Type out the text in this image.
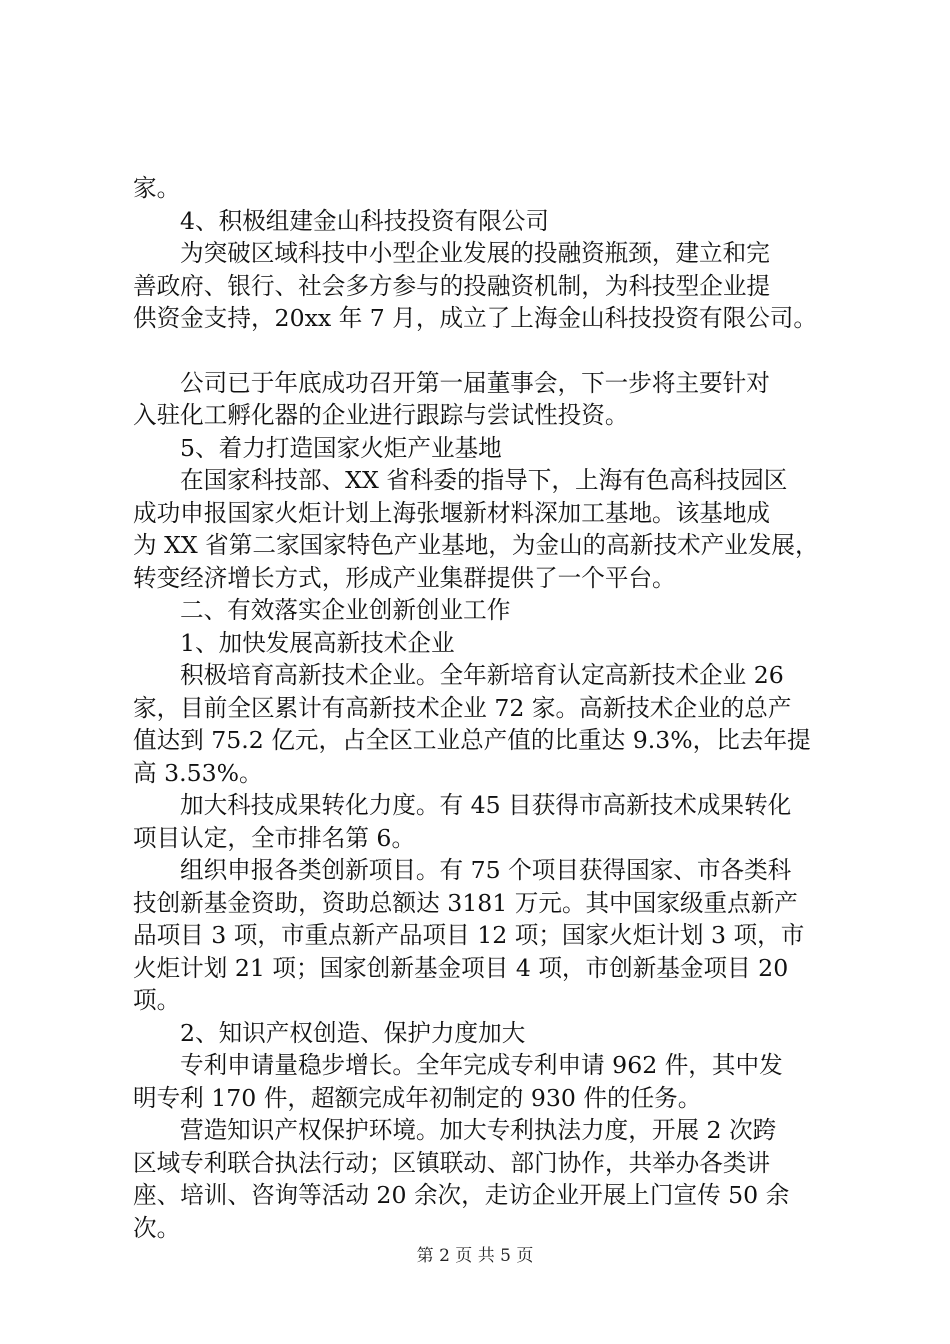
家。

4、积极组建金山科技投资有限公司

为突破区域科技中小型企业发展的投融资瓶颈，建立和完

善政府、银行、社会多方参与的投融资机制，为科技型企业提

供资金支持，20xx 年 7 月，成立了上海金山科技投资有限公司。

公司已于年底成功召开第一届董事会，下一步将主要针对

入驻化工孵化器的企业进行跟踪与尝试性投资。

5、着力打造国家火炬产业基地

在国家科技部、XX 省科委的指导下，上海有色高科技园区

成功申报国家火炬计划上海张堰新材料深加工基地。该基地成

为 XX 省第二家国家特色产业基地，为金山的高新技术产业发展，

转变经济增长方式，形成产业集群提供了一个平台。

二、有效落实企业创新创业工作

1、加快发展高新技术企业

积极培育高新技术企业。全年新培育认定高新技术企业 26

家，目前全区累计有高新技术企业 72 家。高新技术企业的总产

值达到 75.2 亿元，占全区工业总产值的比重达 9.3%，比去年提

高 3.53%。

加大科技成果转化力度。有 45 目获得市高新技术成果转化

项目认定，全市排名第 6。

组织申报各类创新项目。有 75 个项目获得国家、市各类科

技创新基金资助，资助总额达 3181 万元。其中国家级重点新产

品项目 3 项，市重点新产品项目 12 项；国家火炬计划 3 项，市

火炬计划 21 项；国家创新基金项目 4 项，市创新基金项目 20

项。

2、知识产权创造、保护力度加大

专利申请量稳步增长。全年完成专利申请 962 件，其中发

明专利 170 件，超额完成年初制定的 930 件的任务。

营造知识产权保护环境。加大专利执法力度，开展 2 次跨

区域专利联合执法行动；区镇联动、部门协作，共举办各类讲

座、培训、咨询等活动 20 余次，走访企业开展上门宣传 50 余

次。

第 2 页 共 5 页
